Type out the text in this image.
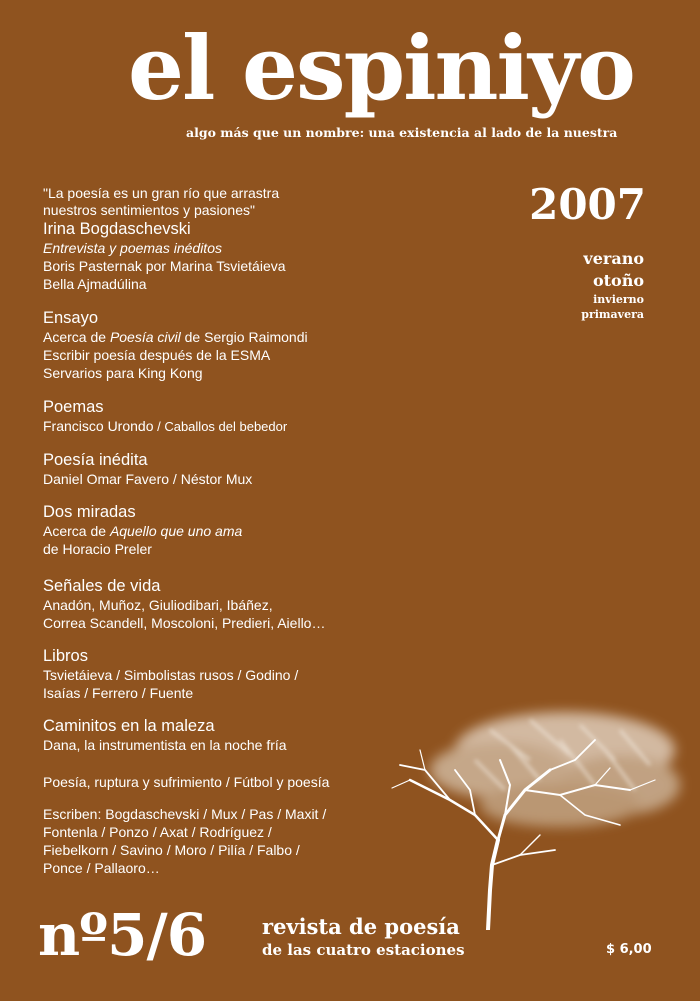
el espiniyo
algo más que un nombre: una existencia al lado de la nuestra
2007
verano
otoño
invierno
primavera
"La poesía es un gran río que arrastra
nuestros sentimientos y pasiones"
Irina Bogdaschevski
Entrevista y poemas inéditos
Boris Pasternak por Marina Tsvietáieva
Bella Ajmadúlina
Ensayo
Acerca de Poesía civil de Sergio Raimondi
Escribir poesía después de la ESMA
Servarios para King Kong
Poemas
Francisco Urondo / Caballos del bebedor
Poesía inédita
Daniel Omar Favero / Néstor Mux
Dos miradas
Acerca de Aquello que uno ama
de Horacio Preler
Señales de vida
Anadón, Muñoz, Giuliodibari, Ibáñez,
Correa Scandell, Moscoloni, Predieri, Aiello…
Libros
Tsvietáieva / Simbolistas rusos / Godino /
Isaías / Ferrero / Fuente
Caminitos en la maleza
Dana, la instrumentista en la noche fría
Poesía, ruptura y sufrimiento / Fútbol y poesía
Escriben: Bogdaschevski / Mux / Pas / Maxit /
Fontenla / Ponzo / Axat / Rodríguez /
Fiebelkorn / Savino / Moro / Pilía / Falbo /
Ponce / Pallaoro…
nº5/6	revista de poesía
de las cuatro estaciones	$ 6,00
